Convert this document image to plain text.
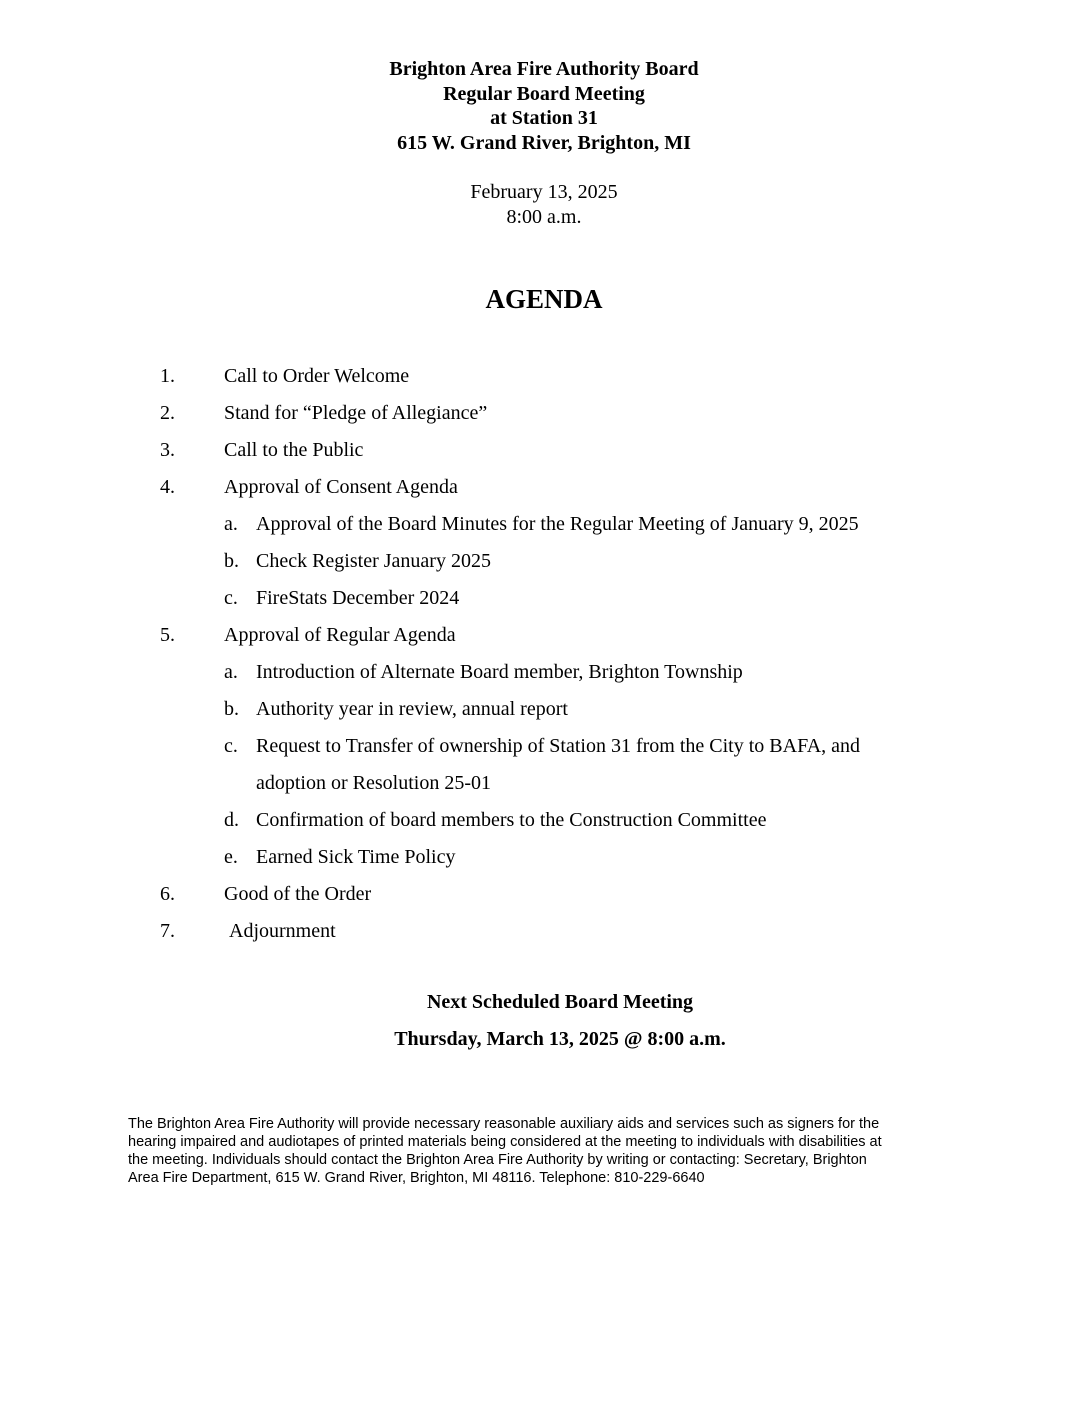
Brighton Area Fire Authority Board
Regular Board Meeting
at Station 31
615 W. Grand River, Brighton, MI
February 13, 2025
8:00 a.m.
AGENDA
1. Call to Order Welcome
2. Stand for “Pledge of Allegiance”
3. Call to the Public
4. Approval of Consent Agenda
a. Approval of the Board Minutes for the Regular Meeting of January 9, 2025
b. Check Register January 2025
c. FireStats December 2024
5. Approval of Regular Agenda
a. Introduction of Alternate Board member, Brighton Township
b. Authority year in review, annual report
c. Request to Transfer of ownership of Station 31 from the City to BAFA, and
adoption or Resolution 25-01
d. Confirmation of board members to the Construction Committee
e. Earned Sick Time Policy
6. Good of the Order
7.	Adjournment
Next Scheduled Board Meeting
Thursday, March 13, 2025 @ 8:00 a.m.
The Brighton Area Fire Authority will provide necessary reasonable auxiliary aids and services such as signers for the
hearing impaired and audiotapes of printed materials being considered at the meeting to individuals with disabilities at
the meeting. Individuals should contact the Brighton Area Fire Authority by writing or contacting: Secretary, Brighton
Area Fire Department, 615 W. Grand River, Brighton, MI 48116. Telephone: 810-229-6640
